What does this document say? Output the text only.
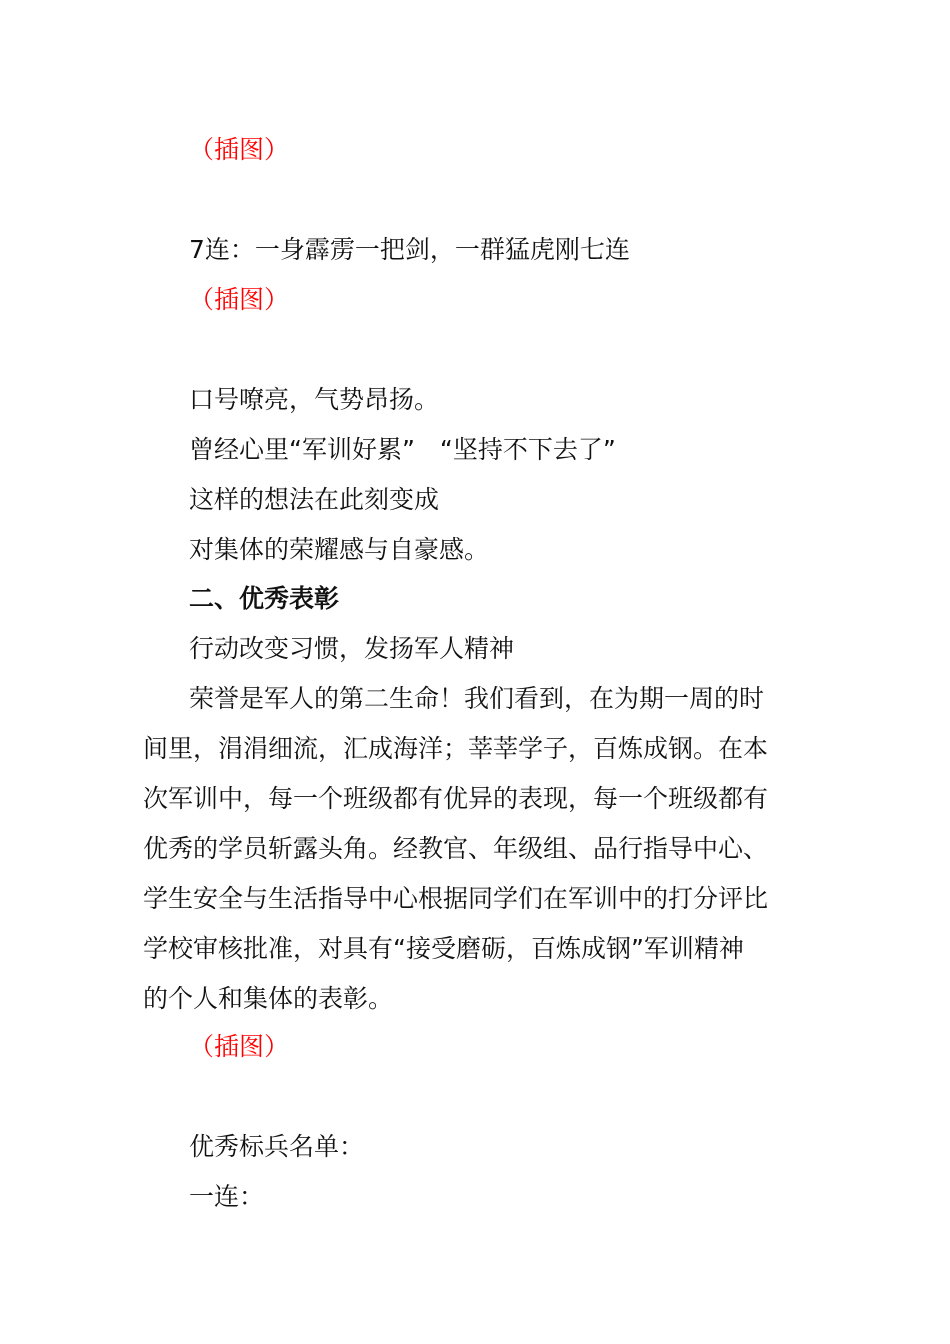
（插图）
7连：一身霹雳一把剑，一群猛虎刚七连
（插图）
口号嘹亮，气势昂扬。
曾经心里“军训好累”　“坚持不下去了”
这样的想法在此刻变成
对集体的荣耀感与自豪感。
二、优秀表彰
行动改变习惯，发扬军人精神
荣誉是军人的第二生命！我们看到，在为期一周的时
间里，涓涓细流，汇成海洋；莘莘学子，百炼成钢。在本
次军训中，每一个班级都有优异的表现，每一个班级都有
优秀的学员斩露头角。经教官、年级组、品行指导中心、
学生安全与生活指导中心根据同学们在军训中的打分评比
学校审核批准，对具有“接受磨砺，百炼成钢”军训精神
的个人和集体的表彰。
（插图）
优秀标兵名单：
一连：
